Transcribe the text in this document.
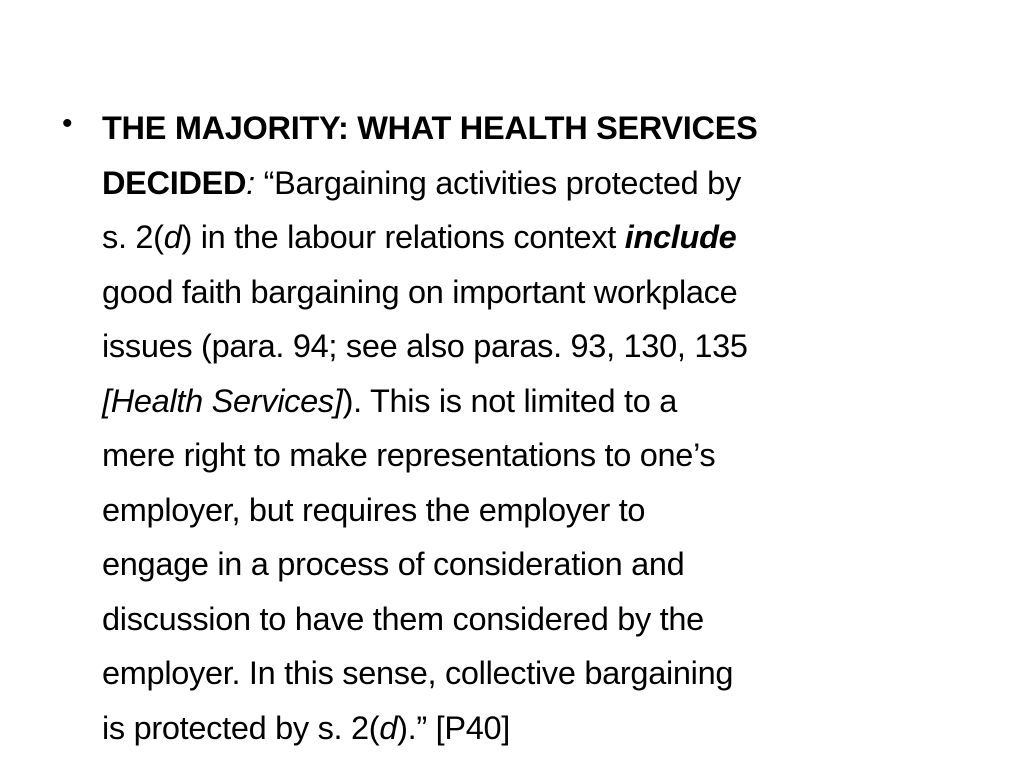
• THE MAJORITY: WHAT HEALTH SERVICES
DECIDED: “Bargaining activities protected by
s. 2(d) in the labour relations context include
good faith bargaining on important workplace
issues (para. 94; see also paras. 93, 130, 135
[Health Services]). This is not limited to a
mere right to make representations to one’s
employer, but requires the employer to
engage in a process of consideration and
discussion to have them considered by the
employer. In this sense, collective bargaining
is protected by s. 2(d).” [P40]
